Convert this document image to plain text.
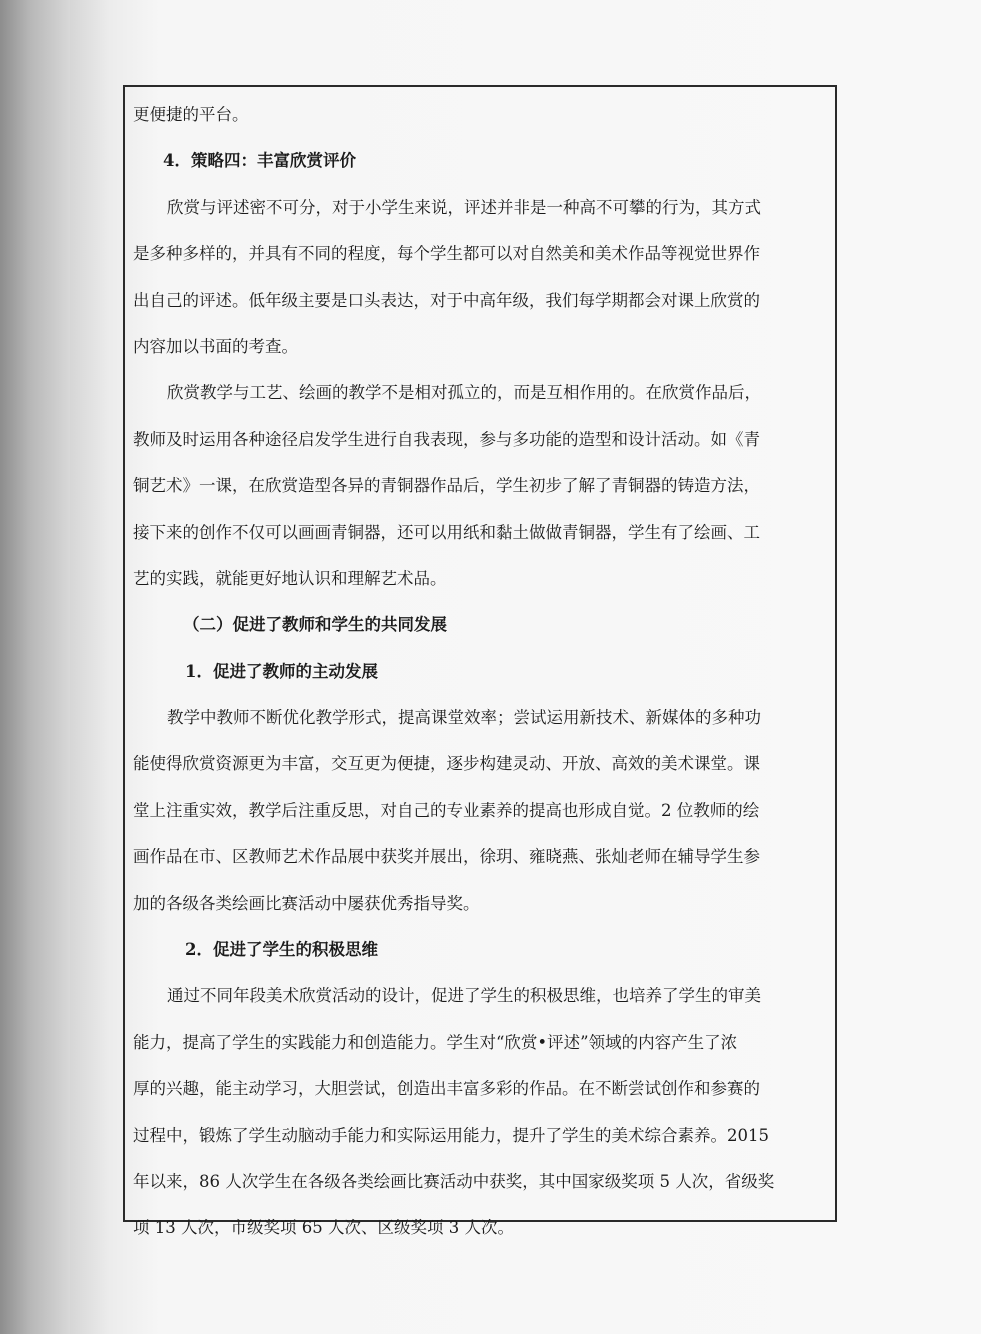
更便捷的平台。
4．策略四：丰富欣赏评价
欣赏与评述密不可分，对于小学生来说，评述并非是一种高不可攀的行为，其方式
是多种多样的，并具有不同的程度，每个学生都可以对自然美和美术作品等视觉世界作
出自己的评述。低年级主要是口头表达，对于中高年级，我们每学期都会对课上欣赏的
内容加以书面的考查。
欣赏教学与工艺、绘画的教学不是相对孤立的，而是互相作用的。在欣赏作品后，
教师及时运用各种途径启发学生进行自我表现，参与多功能的造型和设计活动。如《青
铜艺术》一课，在欣赏造型各异的青铜器作品后，学生初步了解了青铜器的铸造方法，
接下来的创作不仅可以画画青铜器，还可以用纸和黏土做做青铜器，学生有了绘画、工
艺的实践，就能更好地认识和理解艺术品。
（二）促进了教师和学生的共同发展
1．促进了教师的主动发展
教学中教师不断优化教学形式，提高课堂效率；尝试运用新技术、新媒体的多种功
能使得欣赏资源更为丰富，交互更为便捷，逐步构建灵动、开放、高效的美术课堂。课
堂上注重实效，教学后注重反思，对自己的专业素养的提高也形成自觉。2 位教师的绘
画作品在市、区教师艺术作品展中获奖并展出，徐玥、雍晓燕、张灿老师在辅导学生参
加的各级各类绘画比赛活动中屡获优秀指导奖。
2．促进了学生的积极思维
通过不同年段美术欣赏活动的设计，促进了学生的积极思维，也培养了学生的审美
能力，提高了学生的实践能力和创造能力。学生对“欣赏•评述”领域的内容产生了浓
厚的兴趣，能主动学习，大胆尝试，创造出丰富多彩的作品。在不断尝试创作和参赛的
过程中，锻炼了学生动脑动手能力和实际运用能力，提升了学生的美术综合素养。2015
年以来，86 人次学生在各级各类绘画比赛活动中获奖，其中国家级奖项 5 人次，省级奖
项 13 人次，市级奖项 65 人次、区级奖项 3 人次。
